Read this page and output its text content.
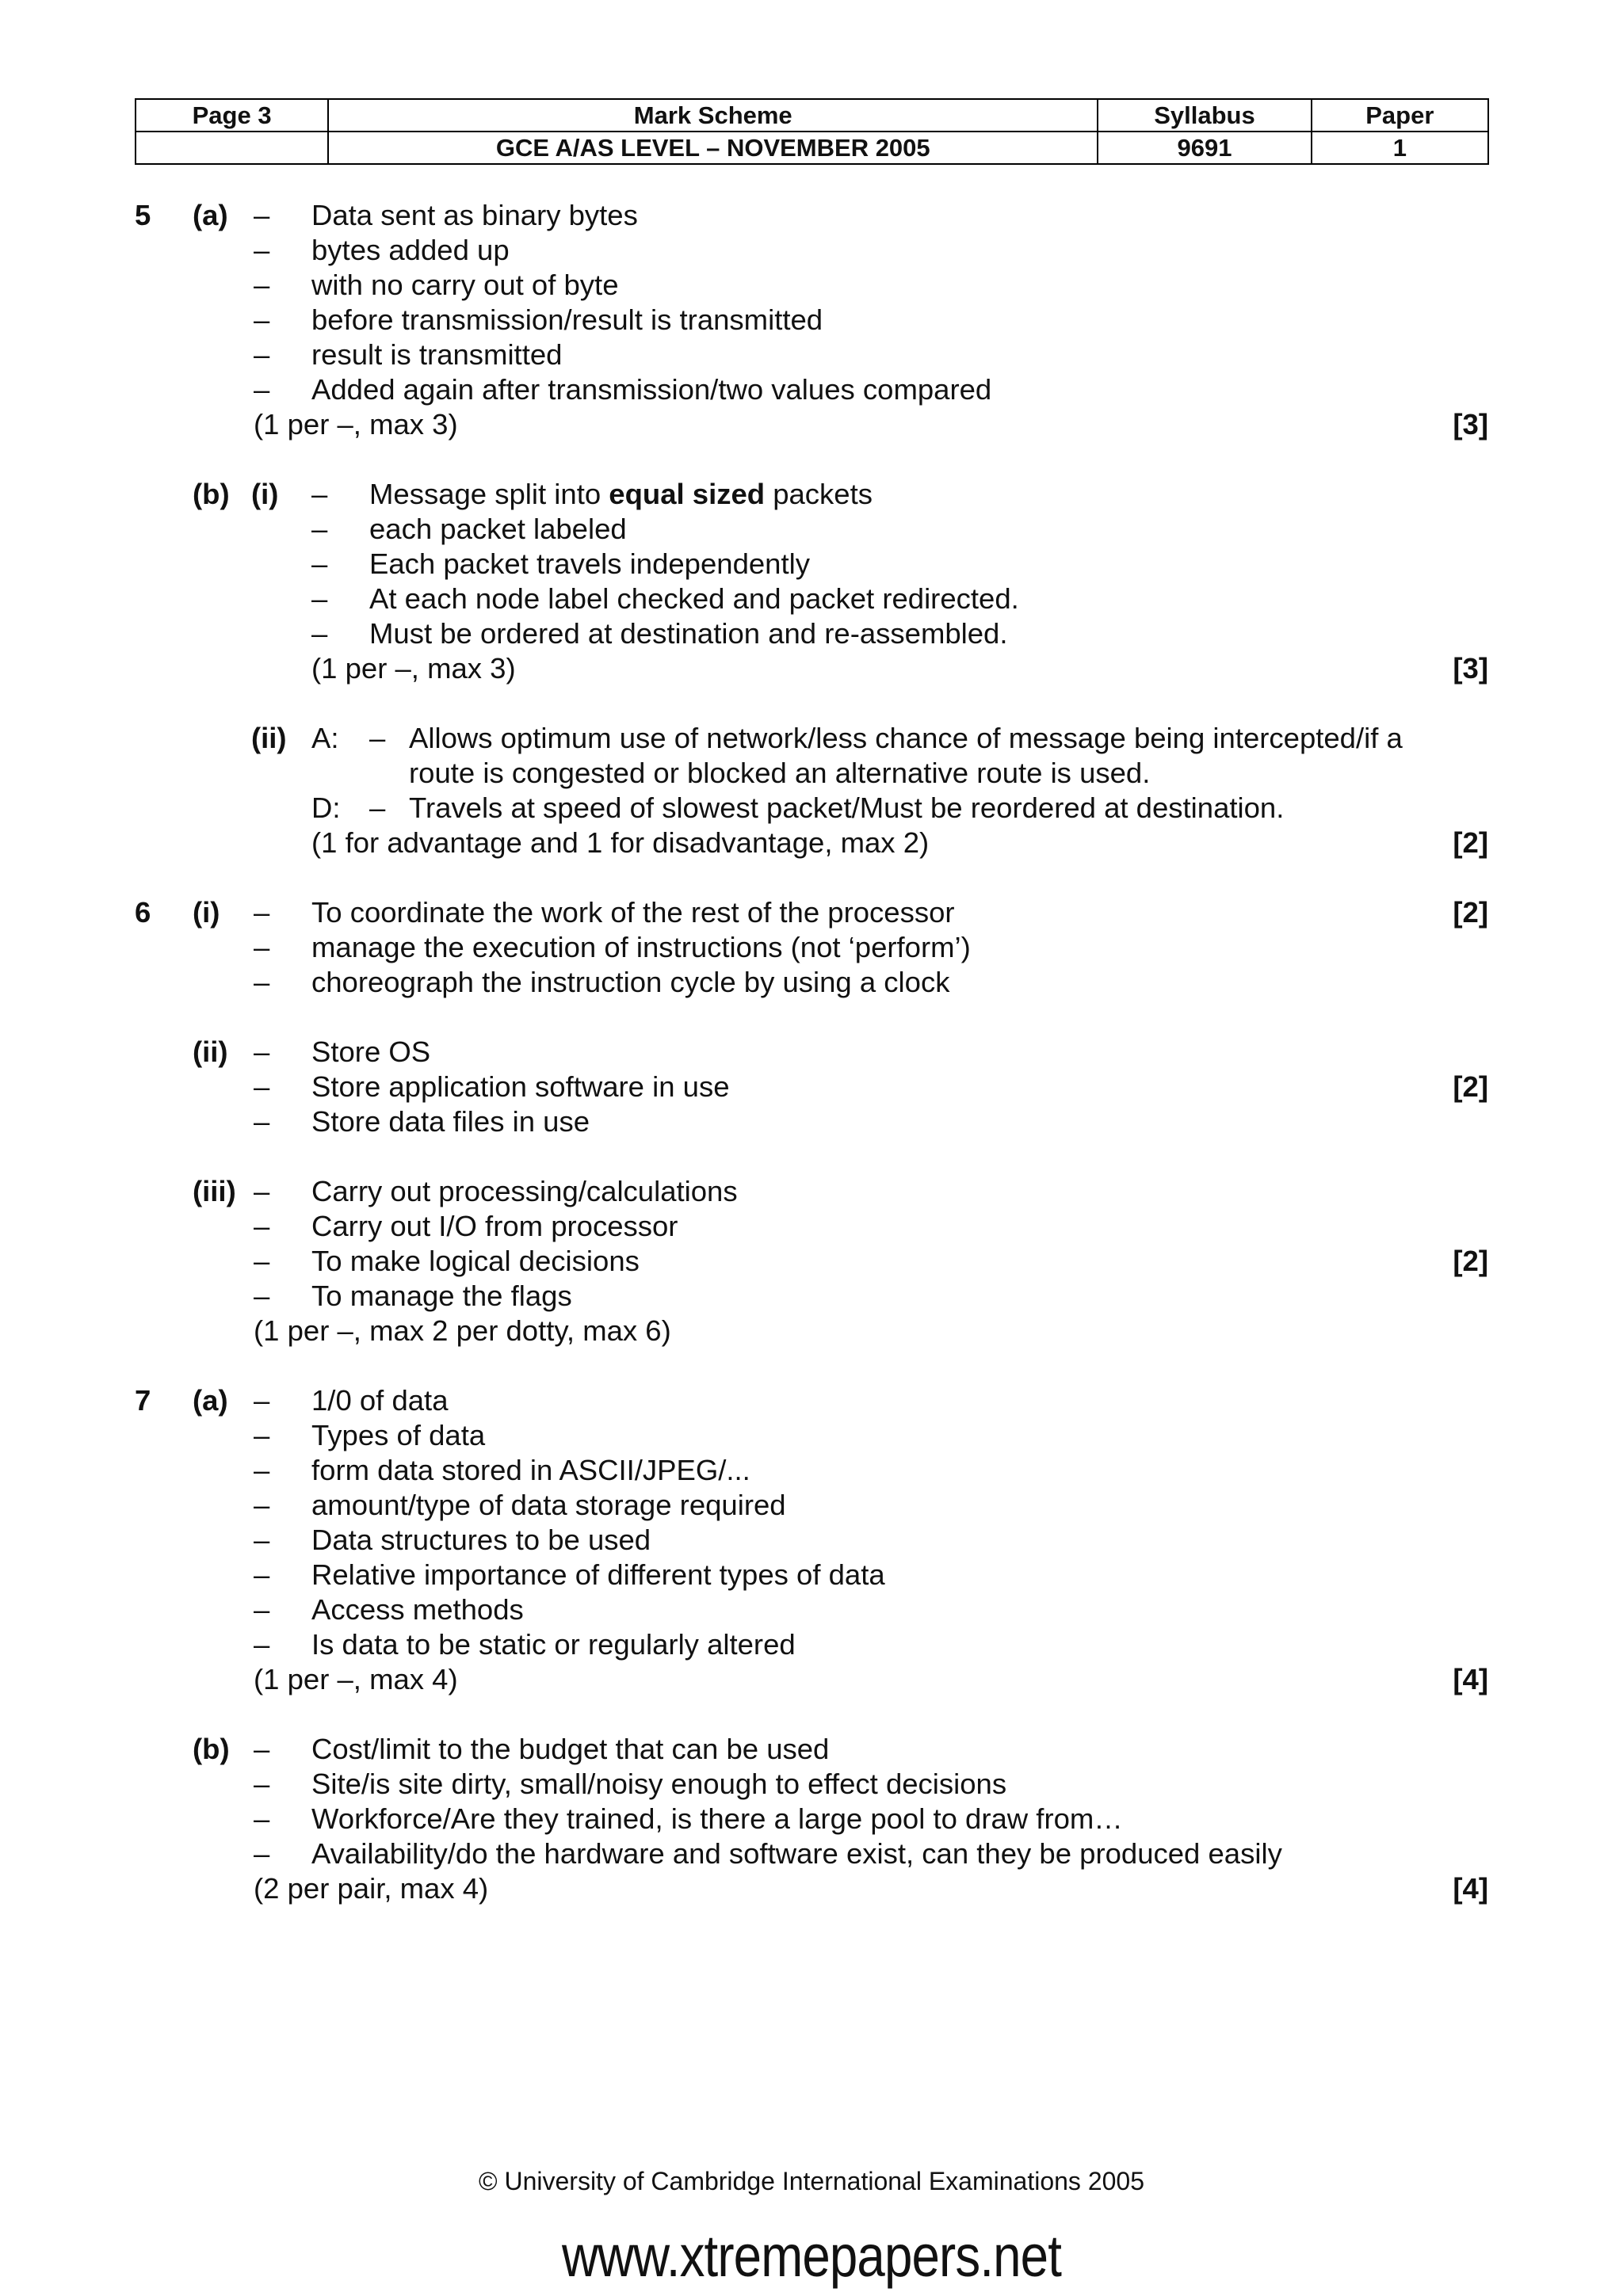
Page 3	Mark Scheme	Syllabus	Paper
	GCE A/AS LEVEL – NOVEMBER 2005	9691	1
5 (a) – Data sent as binary bytes
– bytes added up
– with no carry out of byte
– before transmission/result is transmitted
– result is transmitted
– Added again after transmission/two values compared
(1 per –, max 3)	[3]
(b) (i) – Message split into equal sized packets
– each packet labeled
– Each packet travels independently
– At each node label checked and packet redirected.
– Must be ordered at destination and re-assembled.
(1 per –, max 3)	[3]
(ii) A: – Allows optimum use of network/less chance of message being intercepted/if a
route is congested or blocked an alternative route is used.
D: – Travels at speed of slowest packet/Must be reordered at destination.
(1 for advantage and 1 for disadvantage, max 2)	[2]
6 (i) – To coordinate the work of the rest of the processor	[2]
– manage the execution of instructions (not ‘perform’)
– choreograph the instruction cycle by using a clock
(ii) – Store OS
– Store application software in use	[2]
– Store data files in use
(iii) – Carry out processing/calculations
– Carry out I/O from processor
– To make logical decisions	[2]
– To manage the flags
(1 per –, max 2 per dotty, max 6)
7 (a) – 1/0 of data
– Types of data
– form data stored in ASCII/JPEG/...
– amount/type of data storage required
– Data structures to be used
– Relative importance of different types of data
– Access methods
– Is data to be static or regularly altered
(1 per –, max 4)	[4]
(b) – Cost/limit to the budget that can be used
– Site/is site dirty, small/noisy enough to effect decisions
– Workforce/Are they trained, is there a large pool to draw from…
– Availability/do the hardware and software exist, can they be produced easily
(2 per pair, max 4)	[4]
© University of Cambridge International Examinations 2005
www.xtremepapers.net
